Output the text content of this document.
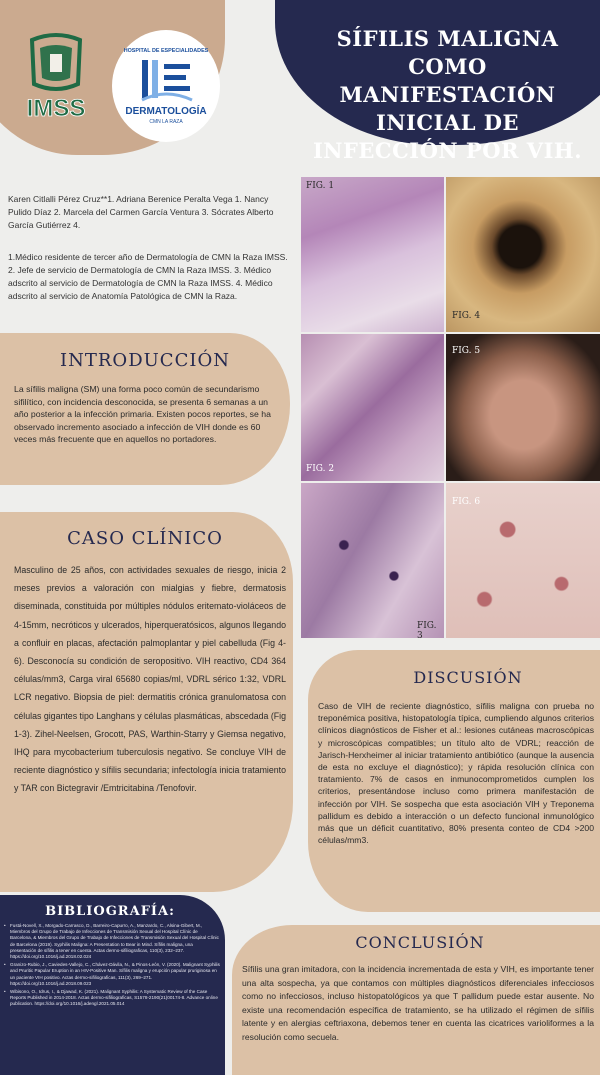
SÍFILIS MALIGNA COMO MANIFESTACIÓN INICIAL DE INFECCIÓN POR VIH.
IMSS
HOSPITAL DE ESPECIALIDADES
DERMATOLOGÍA
CMN LA RAZA
Karen Citlalli Pérez Cruz**1. Adriana Berenice Peralta Vega 1. Nancy Pulido Díaz 2. Marcela del Carmen García Ventura 3. Sócrates Alberto García Gutiérrez 4.
1.Médico residente de tercer año de Dermatología de CMN la Raza IMSS. 2. Jefe de servicio de Dermatología de CMN la Raza IMSS. 3. Médico adscrito al servicio de Dermatología de CMN la Raza IMSS. 4. Médico adscrito al servicio de Anatomía Patológica de CMN la Raza.
INTRODUCCIÓN
La sífilis maligna (SM) una forma poco común de secundarismo sifilítico, con incidencia desconocida, se presenta 6 semanas a un año posterior a la infección primaria. Existen pocos reportes, se ha observado incremento asociado a infección de VIH donde es 60 veces más frecuente que en aquellos no portadores.
CASO CLÍNICO
Masculino de 25 años, con actividades sexuales de riesgo, inicia 2 meses previos a valoración con mialgias y fiebre, dermatosis diseminada, constituida por múltiples nódulos eritemato-violáceos de 4-15mm, necróticos y ulcerados, hiperqueratósicos, algunos llegando a confluir en placas, afectación palmoplantar y piel cabelluda (Fig 4-6). Desconocía su condición de seropositivo. VIH reactivo, CD4 364 células/mm3, Carga viral 65680 copias/ml, VDRL sérico 1:32, VDRL LCR negativo. Biopsia de piel: dermatitis crónica granulomatosa con células gigantes tipo Langhans y células plasmáticas, abscedada (Fig 1-3). Zihel-Neelsen, Grocott, PAS, Warthin-Starry y Giemsa negativo, IHQ para mycobacterium tuberculosis negativo. Se concluye VIH de reciente diagnóstico y sífilis secundaria; infectología inicia tratamiento y TAR con Bictegravir /Emtricitabina /Tenofovir.
BIBLIOGRAFÍA:
• Fustá-Novell, X., Morgado-Carrasco, D., Barreiro-Capurro, A., Manzardo, C., Alsina-Gibert, M., Miembros del Grupo de Trabajo de Infecciones de Transmisión Sexual del Hospital Clínic de Barcelona, & Miembros del Grupo de Trabajo de Infecciones de Transmisión Sexual del Hospital Clínic de Barcelona (2019). Syphilis Maligna: A Presentation to Bear in Mind. Sífilis maligna, una presentación de sífilis a tener en cuenta. Actas dermo-sifiliograficas, 110(3), 232–237. https://doi.org/10.1016/j.ad.2018.02.024
• Granizo-Rubio, J., Caviedes-Vallejo, C., Chávez-Dávila, N., & Pinos-León, V. (2020). Malignant Syphilis and Pruritic Papular Eruption in an HIV-Positive Man. Sífilis maligna y erupción papular pruriginosa en un paciente VIH positivo. Actas dermo-sifiliograficas, 111(3), 269–271. https://doi.org/10.1016/j.ad.2018.09.023
• Wibisono, O., Idrus, I., & Djawad, K. (2021). Malignant Syphilis: A Systematic Review of the Case Reports Published in 2014-2018. Actas dermo-sifiliograficas, S1578-2190(21)00174-8. Advance online publication. https://doi.org/10.1016/j.adengl.2021.05.014
FIG. 1
FIG. 4
FIG. 2
FIG. 5
FIG. 3
FIG. 6
DISCUSIÓN
Caso de VIH de reciente diagnóstico, sífilis maligna con prueba no treponémica positiva, histopatología típica, cumpliendo algunos criterios clínicos diagnósticos de Fisher et al.: lesiones cutáneas macroscópicas y microscópicas compatibles; un título alto de VDRL; reacción de Jarisch-Herxheimer al iniciar tratamiento antibiótico (aunque la ausencia de esta no excluye el diagnóstico); y rápida resolución clínica con tratamiento. 7% de casos en inmunocomprometidos cumplen los criterios, presentándose incluso como primera manifestación de infección por VIH. Se sospecha que esta asociación VIH y Treponema pallidum es debido a interacción o un defecto funcional inmunológico más que un déficit cuantitativo, 80% presenta conteo de CD4 >200 células/mm3.
CONCLUSIÓN
Sífilis una gran imitadora, con la incidencia incrementada de esta y VIH, es importante tener una alta sospecha, ya que contamos con múltiples diagnósticos diferenciales infecciosos como no infecciosos, incluso histopatológicos ya que T pallidum puede estar ausente. No existe una recomendación específica de tratamiento, se ha utilizado el régimen de sífilis latente y en alergias ceftriaxona, debemos tener en cuenta las cicatrices varioliformes a la resolución como secuela.
